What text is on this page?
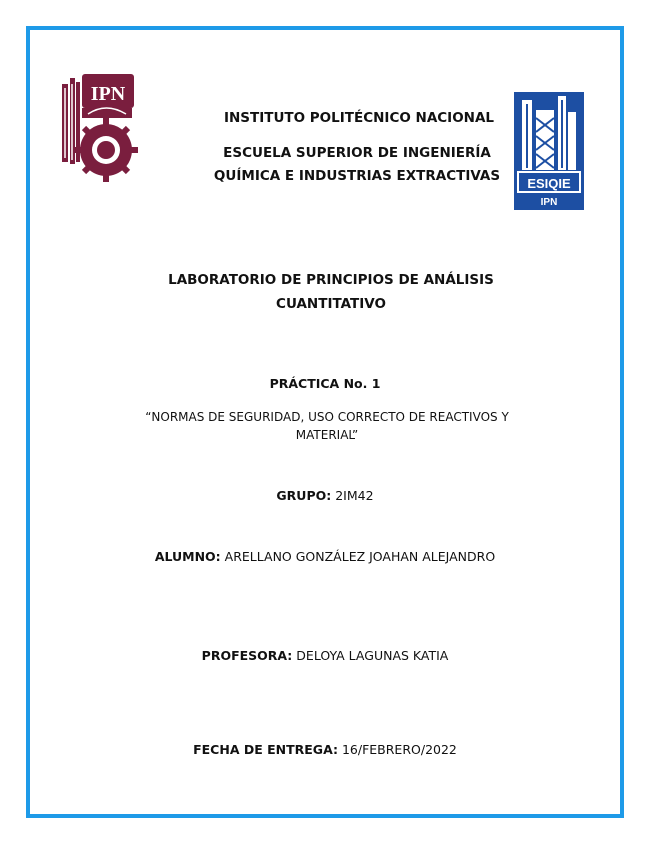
IPN
ESIQIE
IPN

INSTITUTO POLITÉCNICO NACIONAL

ESCUELA SUPERIOR DE INGENIERÍA
QUÍMICA E INDUSTRIAS EXTRACTIVAS

LABORATORIO DE PRINCIPIOS DE ANÁLISIS
CUANTITATIVO

PRÁCTICA No. 1

“NORMAS DE SEGURIDAD, USO CORRECTO DE REACTIVOS Y
MATERIAL”

GRUPO: 2IM42

ALUMNO: ARELLANO GONZÁLEZ JOAHAN ALEJANDRO

PROFESORA: DELOYA LAGUNAS KATIA

FECHA DE ENTREGA: 16/FEBRERO/2022
